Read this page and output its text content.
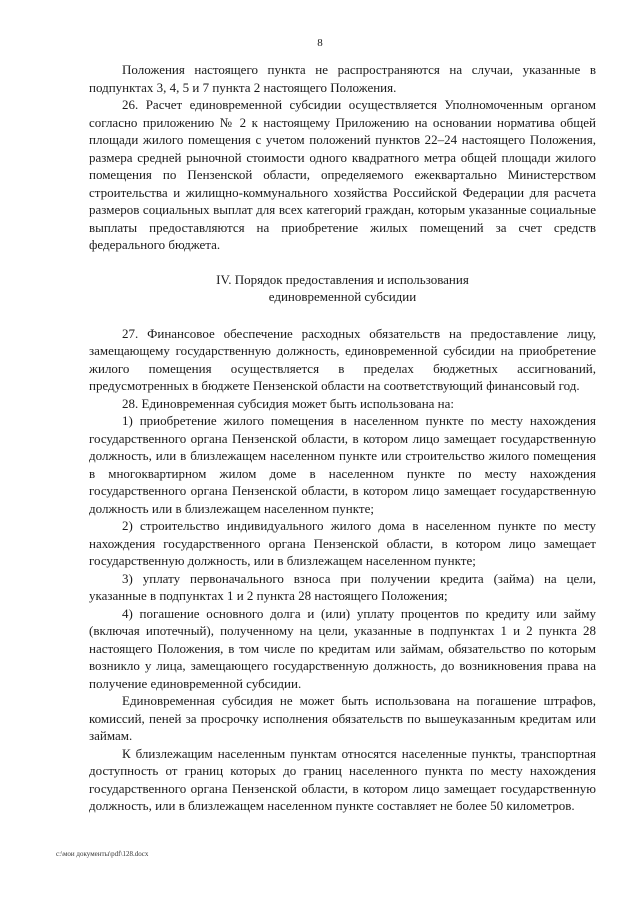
8

Положения настоящего пункта не распространяются на случаи, указанные в подпунктах 3, 4, 5 и 7 пункта 2 настоящего Положения.

26. Расчет единовременной субсидии осуществляется Уполномоченным органом согласно приложению № 2 к настоящему Приложению на основании норматива общей площади жилого помещения с учетом положений пунктов 22–24 настоящего Положения, размера средней рыночной стоимости одного квадратного метра общей площади жилого помещения по Пензенской области, определяемого ежеквартально Министерством строительства и жилищно-коммунального хозяйства Российской Федерации для расчета размеров социальных выплат для всех категорий граждан, которым указанные социальные выплаты предоставляются на приобретение жилых помещений за счет средств федерального бюджета.

IV. Порядок предоставления и использования
единовременной субсидии

27. Финансовое обеспечение расходных обязательств на предоставление лицу, замещающему государственную должность, единовременной субсидии на приобретение жилого помещения осуществляется в пределах бюджетных ассигнований, предусмотренных в бюджете Пензенской области на соответствующий финансовый год.

28. Единовременная субсидия может быть использована на:

1) приобретение жилого помещения в населенном пункте по месту нахождения государственного органа Пензенской области, в котором лицо замещает государственную должность, или в близлежащем населенном пункте или строительство жилого помещения в многоквартирном жилом доме в населенном пункте по месту нахождения государственного органа Пензенской области, в котором лицо замещает государственную должность или в близлежащем населенном пункте;

2) строительство индивидуального жилого дома в населенном пункте по месту нахождения государственного органа Пензенской области, в котором лицо замещает государственную должность, или в близлежащем населенном пункте;

3) уплату первоначального взноса при получении кредита (займа) на цели, указанные в подпунктах 1 и 2 пункта 28 настоящего Положения;

4) погашение основного долга и (или) уплату процентов по кредиту или займу (включая ипотечный), полученному на цели, указанные в подпунктах 1 и 2 пункта 28 настоящего Положения, в том числе по кредитам или займам, обязательство по которым возникло у лица, замещающего государственную должность, до возникновения права на получение единовременной субсидии.

Единовременная субсидия не может быть использована на погашение штрафов, комиссий, пеней за просрочку исполнения обязательств по вышеуказанным кредитам или займам.

К близлежащим населенным пунктам относятся населенные пункты, транспортная доступность от границ которых до границ населенного пункта по месту нахождения государственного органа Пензенской области, в котором лицо замещает государственную должность, или в близлежащем населенном пункте составляет не более 50 километров.

c:\мои документы\pdf\128.docx
